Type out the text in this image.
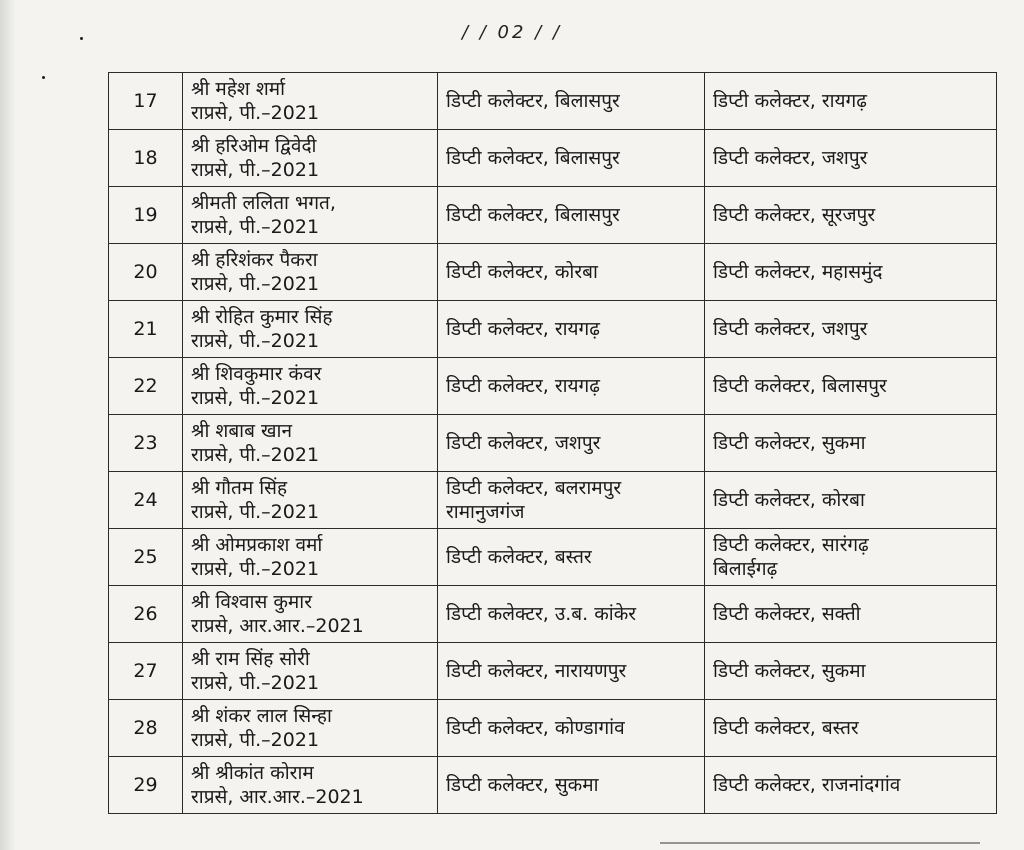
/ / 02 / /
17	श्री महेश शर्मा
राप्रसे, पी.–2021	डिप्टी कलेक्टर, बिलासपुर	डिप्टी कलेक्टर, रायगढ़

18	श्री हरिओम द्विवेदी
राप्रसे, पी.–2021	डिप्टी कलेक्टर, बिलासपुर	डिप्टी कलेक्टर, जशपुर

19	श्रीमती ललिता भगत,
राप्रसे, पी.–2021	डिप्टी कलेक्टर, बिलासपुर	डिप्टी कलेक्टर, सूरजपुर

20	श्री हरिशंकर पैकरा
राप्रसे, पी.–2021	डिप्टी कलेक्टर, कोरबा	डिप्टी कलेक्टर, महासमुंद

21	श्री रोहित कुमार सिंह
राप्रसे, पी.–2021	डिप्टी कलेक्टर, रायगढ़	डिप्टी कलेक्टर, जशपुर

22	श्री शिवकुमार कंवर
राप्रसे, पी.–2021	डिप्टी कलेक्टर, रायगढ़	डिप्टी कलेक्टर, बिलासपुर

23	श्री शबाब खान
राप्रसे, पी.–2021	डिप्टी कलेक्टर, जशपुर	डिप्टी कलेक्टर, सुकमा

24	श्री गौतम सिंह
राप्रसे, पी.–2021	डिप्टी कलेक्टर, बलरामपुर
रामानुजगंज	डिप्टी कलेक्टर, कोरबा

25	श्री ओमप्रकाश वर्मा
राप्रसे, पी.–2021	डिप्टी कलेक्टर, बस्तर	डिप्टी कलेक्टर, सारंगढ़
बिलाईगढ़

26	श्री विश्वास कुमार
राप्रसे, आर.आर.–2021	डिप्टी कलेक्टर, उ.ब. कांकेर	डिप्टी कलेक्टर, सक्ती

27	श्री राम सिंह सोरी
राप्रसे, पी.–2021	डिप्टी कलेक्टर, नारायणपुर	डिप्टी कलेक्टर, सुकमा

28	श्री शंकर लाल सिन्हा
राप्रसे, पी.–2021	डिप्टी कलेक्टर, कोण्डागांव	डिप्टी कलेक्टर, बस्तर

29	श्री श्रीकांत कोराम
राप्रसे, आर.आर.–2021	डिप्टी कलेक्टर, सुकमा	डिप्टी कलेक्टर, राजनांदगांव
